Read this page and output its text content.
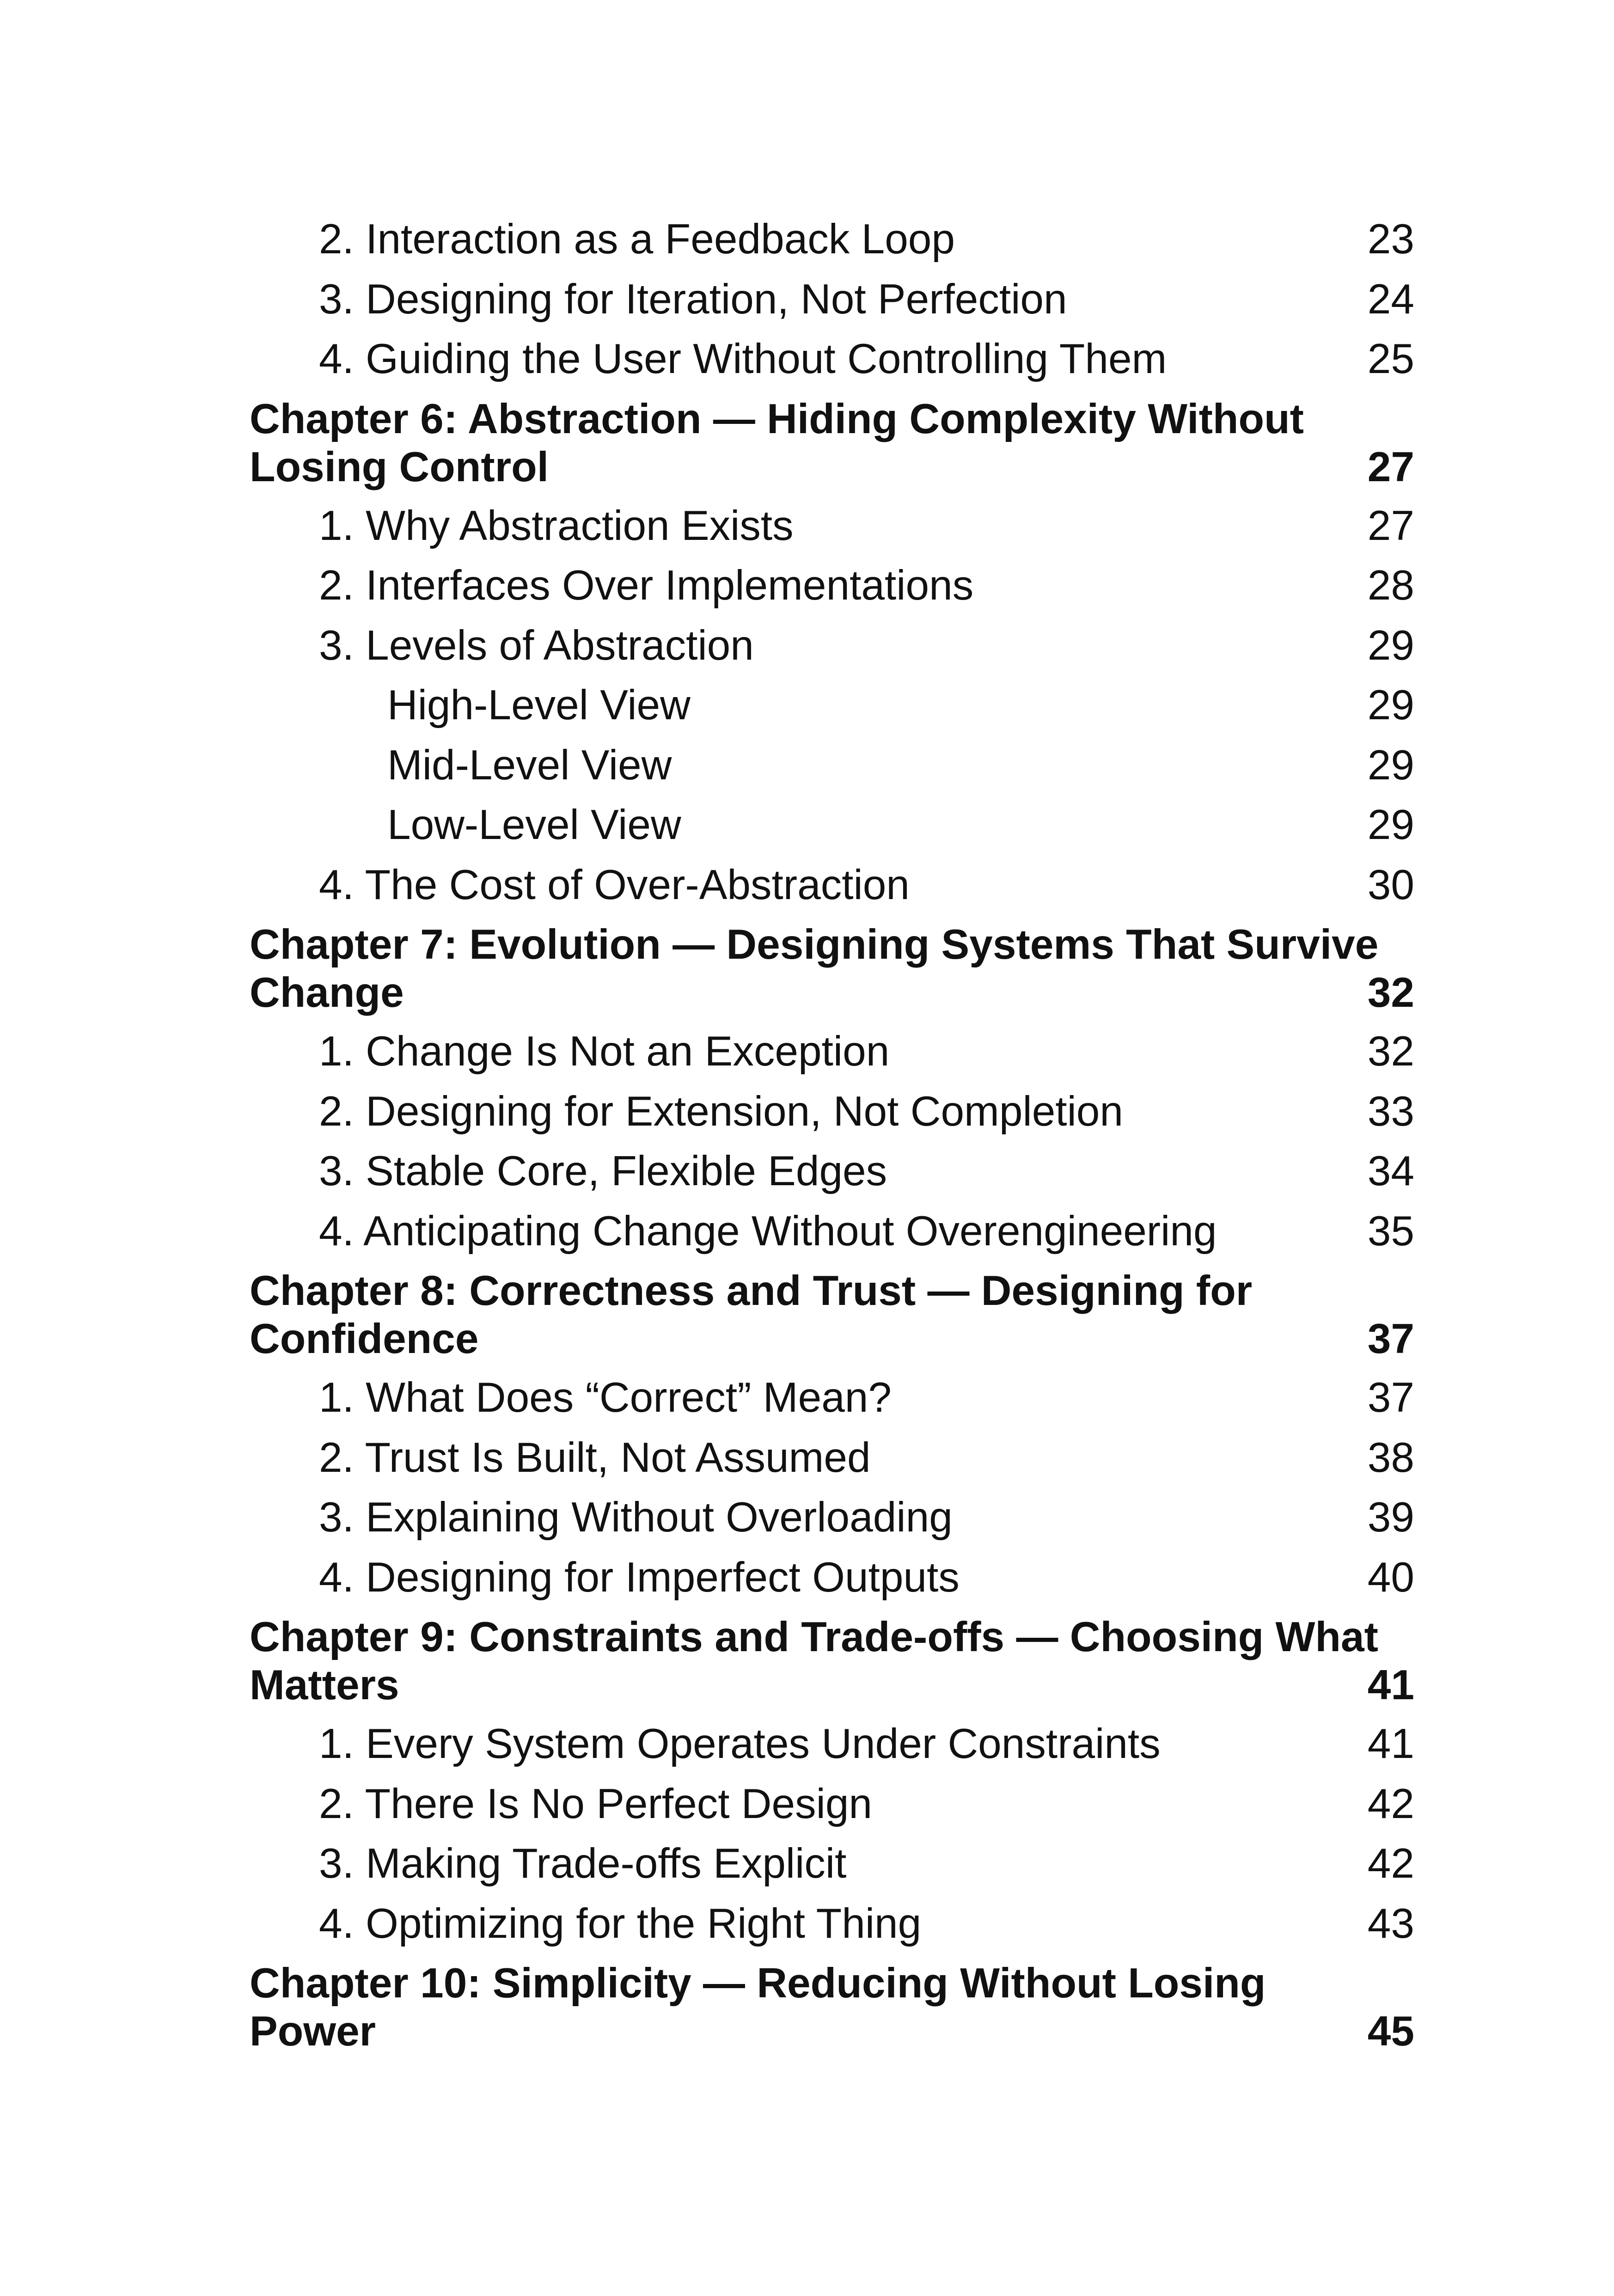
2. Interaction as a Feedback Loop	23
3. Designing for Iteration, Not Perfection	24
4. Guiding the User Without Controlling Them	25
Chapter 6: Abstraction — Hiding Complexity Without
Losing Control	27
1. Why Abstraction Exists	27
2. Interfaces Over Implementations	28
3. Levels of Abstraction	29
High-Level View	29
Mid-Level View	29
Low-Level View	29
4. The Cost of Over-Abstraction	30
Chapter 7: Evolution — Designing Systems That Survive
Change	32
1. Change Is Not an Exception	32
2. Designing for Extension, Not Completion	33
3. Stable Core, Flexible Edges	34
4. Anticipating Change Without Overengineering	35
Chapter 8: Correctness and Trust — Designing for
Confidence	37
1. What Does “Correct” Mean?	37
2. Trust Is Built, Not Assumed	38
3. Explaining Without Overloading	39
4. Designing for Imperfect Outputs	40
Chapter 9: Constraints and Trade-offs — Choosing What
Matters	41
1. Every System Operates Under Constraints	41
2. There Is No Perfect Design	42
3. Making Trade-offs Explicit	42
4. Optimizing for the Right Thing	43
Chapter 10: Simplicity — Reducing Without Losing
Power	45
